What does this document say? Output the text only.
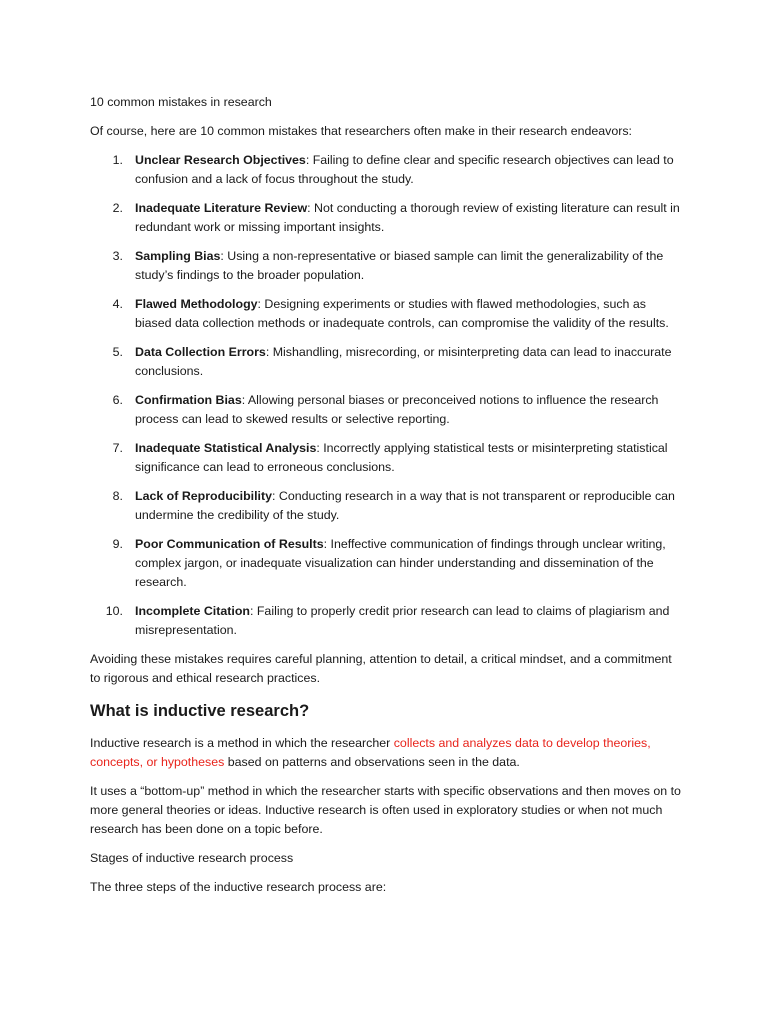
10 common mistakes in research

Of course, here are 10 common mistakes that researchers often make in their research endeavors:

1. Unclear Research Objectives: Failing to define clear and specific research objectives can lead to confusion and a lack of focus throughout the study.
2. Inadequate Literature Review: Not conducting a thorough review of existing literature can result in redundant work or missing important insights.
3. Sampling Bias: Using a non-representative or biased sample can limit the generalizability of the study’s findings to the broader population.
4. Flawed Methodology: Designing experiments or studies with flawed methodologies, such as biased data collection methods or inadequate controls, can compromise the validity of the results.
5. Data Collection Errors: Mishandling, misrecording, or misinterpreting data can lead to inaccurate conclusions.
6. Confirmation Bias: Allowing personal biases or preconceived notions to influence the research process can lead to skewed results or selective reporting.
7. Inadequate Statistical Analysis: Incorrectly applying statistical tests or misinterpreting statistical significance can lead to erroneous conclusions.
8. Lack of Reproducibility: Conducting research in a way that is not transparent or reproducible can undermine the credibility of the study.
9. Poor Communication of Results: Ineffective communication of findings through unclear writing, complex jargon, or inadequate visualization can hinder understanding and dissemination of the research.
10. Incomplete Citation: Failing to properly credit prior research can lead to claims of plagiarism and misrepresentation.

Avoiding these mistakes requires careful planning, attention to detail, a critical mindset, and a commitment to rigorous and ethical research practices.

What is inductive research?

Inductive research is a method in which the researcher collects and analyzes data to develop theories, concepts, or hypotheses based on patterns and observations seen in the data.

It uses a “bottom-up” method in which the researcher starts with specific observations and then moves on to more general theories or ideas. Inductive research is often used in exploratory studies or when not much research has been done on a topic before.

Stages of inductive research process

The three steps of the inductive research process are:
